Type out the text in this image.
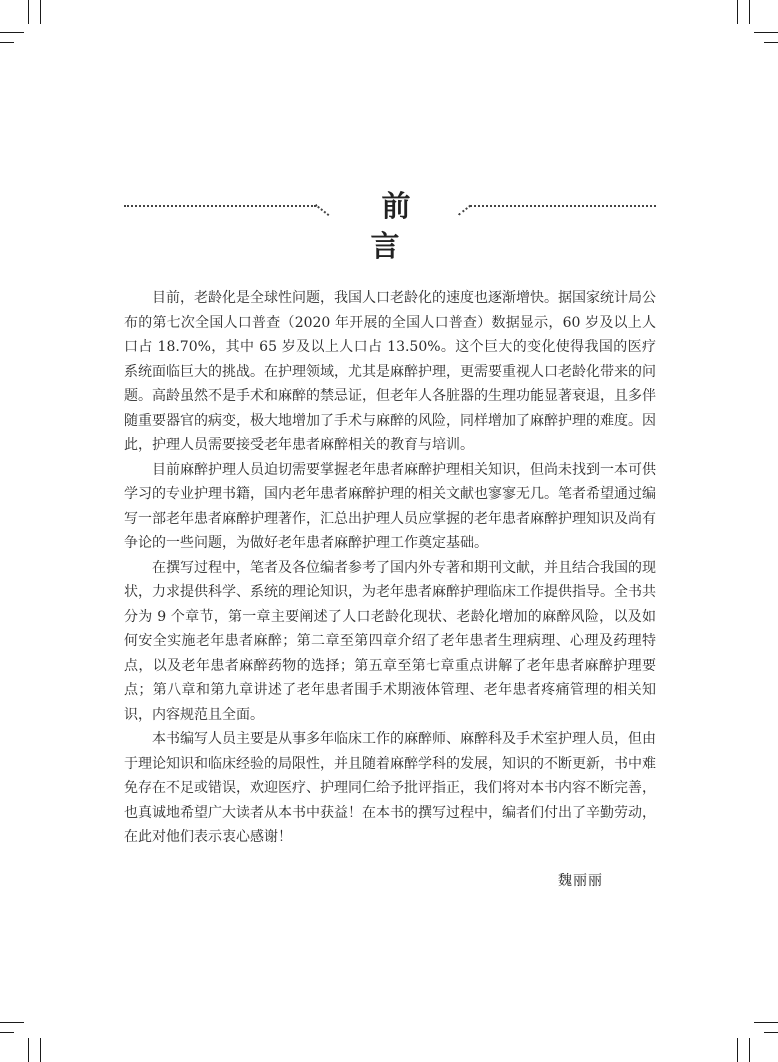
前 言

目前，老龄化是全球性问题，我国人口老龄化的速度也逐渐增快。据国家统计局公布的第七次全国人口普查（2020 年开展的全国人口普查）数据显示，60 岁及以上人口占 18.70%，其中 65 岁及以上人口占 13.50%。这个巨大的变化使得我国的医疗系统面临巨大的挑战。在护理领域，尤其是麻醉护理，更需要重视人口老龄化带来的问题。高龄虽然不是手术和麻醉的禁忌证，但老年人各脏器的生理功能显著衰退，且多伴随重要器官的病变，极大地增加了手术与麻醉的风险，同样增加了麻醉护理的难度。因此，护理人员需要接受老年患者麻醉相关的教育与培训。

目前麻醉护理人员迫切需要掌握老年患者麻醉护理相关知识，但尚未找到一本可供学习的专业护理书籍，国内老年患者麻醉护理的相关文献也寥寥无几。笔者希望通过编写一部老年患者麻醉护理著作，汇总出护理人员应掌握的老年患者麻醉护理知识及尚有争论的一些问题，为做好老年患者麻醉护理工作奠定基础。

在撰写过程中，笔者及各位编者参考了国内外专著和期刊文献，并且结合我国的现状，力求提供科学、系统的理论知识，为老年患者麻醉护理临床工作提供指导。全书共分为 9 个章节，第一章主要阐述了人口老龄化现状、老龄化增加的麻醉风险，以及如何安全实施老年患者麻醉；第二章至第四章介绍了老年患者生理病理、心理及药理特点，以及老年患者麻醉药物的选择；第五章至第七章重点讲解了老年患者麻醉护理要点；第八章和第九章讲述了老年患者围手术期液体管理、老年患者疼痛管理的相关知识，内容规范且全面。

本书编写人员主要是从事多年临床工作的麻醉师、麻醉科及手术室护理人员，但由于理论知识和临床经验的局限性，并且随着麻醉学科的发展，知识的不断更新，书中难免存在不足或错误，欢迎医疗、护理同仁给予批评指正，我们将对本书内容不断完善，也真诚地希望广大读者从本书中获益！在本书的撰写过程中，编者们付出了辛勤劳动，在此对他们表示衷心感谢！

魏丽丽
